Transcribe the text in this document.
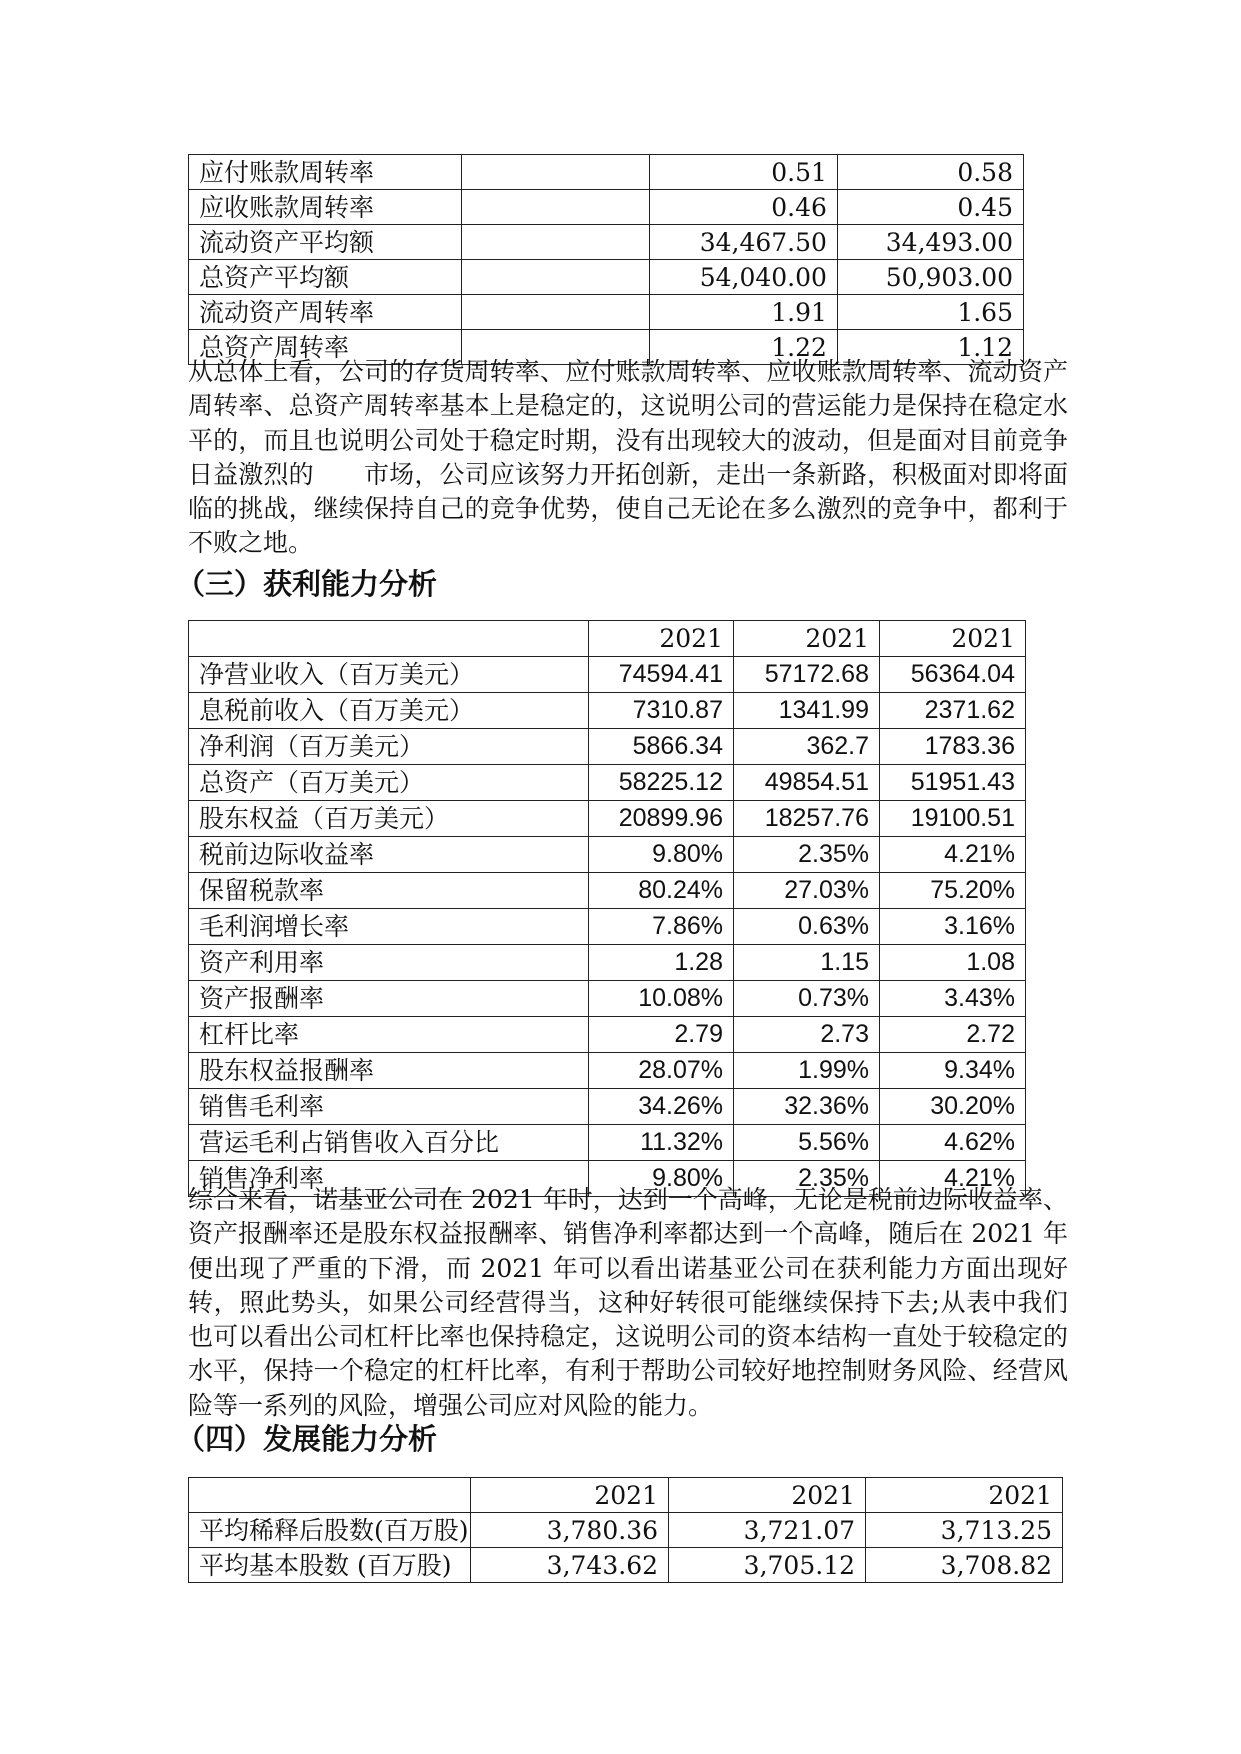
应付账款周转率		0.51	0.58
应收账款周转率		0.46	0.45
流动资产平均额		34,467.50	34,493.00
总资产平均额		54,040.00	50,903.00
流动资产周转率		1.91	1.65
总资产周转率		1.22	1.12

从总体上看，公司的存货周转率、应付账款周转率、应收账款周转率、流动资产周转率、总资产周转率基本上是稳定的，这说明公司的营运能力是保持在稳定水平的，而且也说明公司处于稳定时期，没有出现较大的波动，但是面对目前竞争日益激烈的　　市场，公司应该努力开拓创新，走出一条新路，积极面对即将面临的挑战，继续保持自己的竞争优势，使自己无论在多么激烈的竞争中，都利于不败之地。

（三）获利能力分析
	2021	2021	2021
净营业收入（百万美元）	74594.41	57172.68	56364.04
息税前收入（百万美元）	7310.87	1341.99	2371.62
净利润（百万美元）	5866.34	362.7	1783.36
总资产（百万美元）	58225.12	49854.51	51951.43
股东权益（百万美元）	20899.96	18257.76	19100.51
税前边际收益率	9.80%	2.35%	4.21%
保留税款率	80.24%	27.03%	75.20%
毛利润增长率	7.86%	0.63%	3.16%
资产利用率	1.28	1.15	1.08
资产报酬率	10.08%	0.73%	3.43%
杠杆比率	2.79	2.73	2.72
股东权益报酬率	28.07%	1.99%	9.34%
销售毛利率	34.26%	32.36%	30.20%
营运毛利占销售收入百分比	11.32%	5.56%	4.62%
销售净利率	9.80%	2.35%	4.21%

综合来看，诺基亚公司在 2021 年时，达到一个高峰，无论是税前边际收益率、资产报酬率还是股东权益报酬率、销售净利率都达到一个高峰，随后在 2021 年便出现了严重的下滑，而 2021 年可以看出诺基亚公司在获利能力方面出现好转，照此势头，如果公司经营得当，这种好转很可能继续保持下去;从表中我们也可以看出公司杠杆比率也保持稳定，这说明公司的资本结构一直处于较稳定的水平，保持一个稳定的杠杆比率，有利于帮助公司较好地控制财务风险、经营风险等一系列的风险，增强公司应对风险的能力。

（四）发展能力分析
	2021	2021	2021
平均稀释后股数(百万股)	3,780.36	3,721.07	3,713.25
平均基本股数 (百万股)	3,743.62	3,705.12	3,708.82
